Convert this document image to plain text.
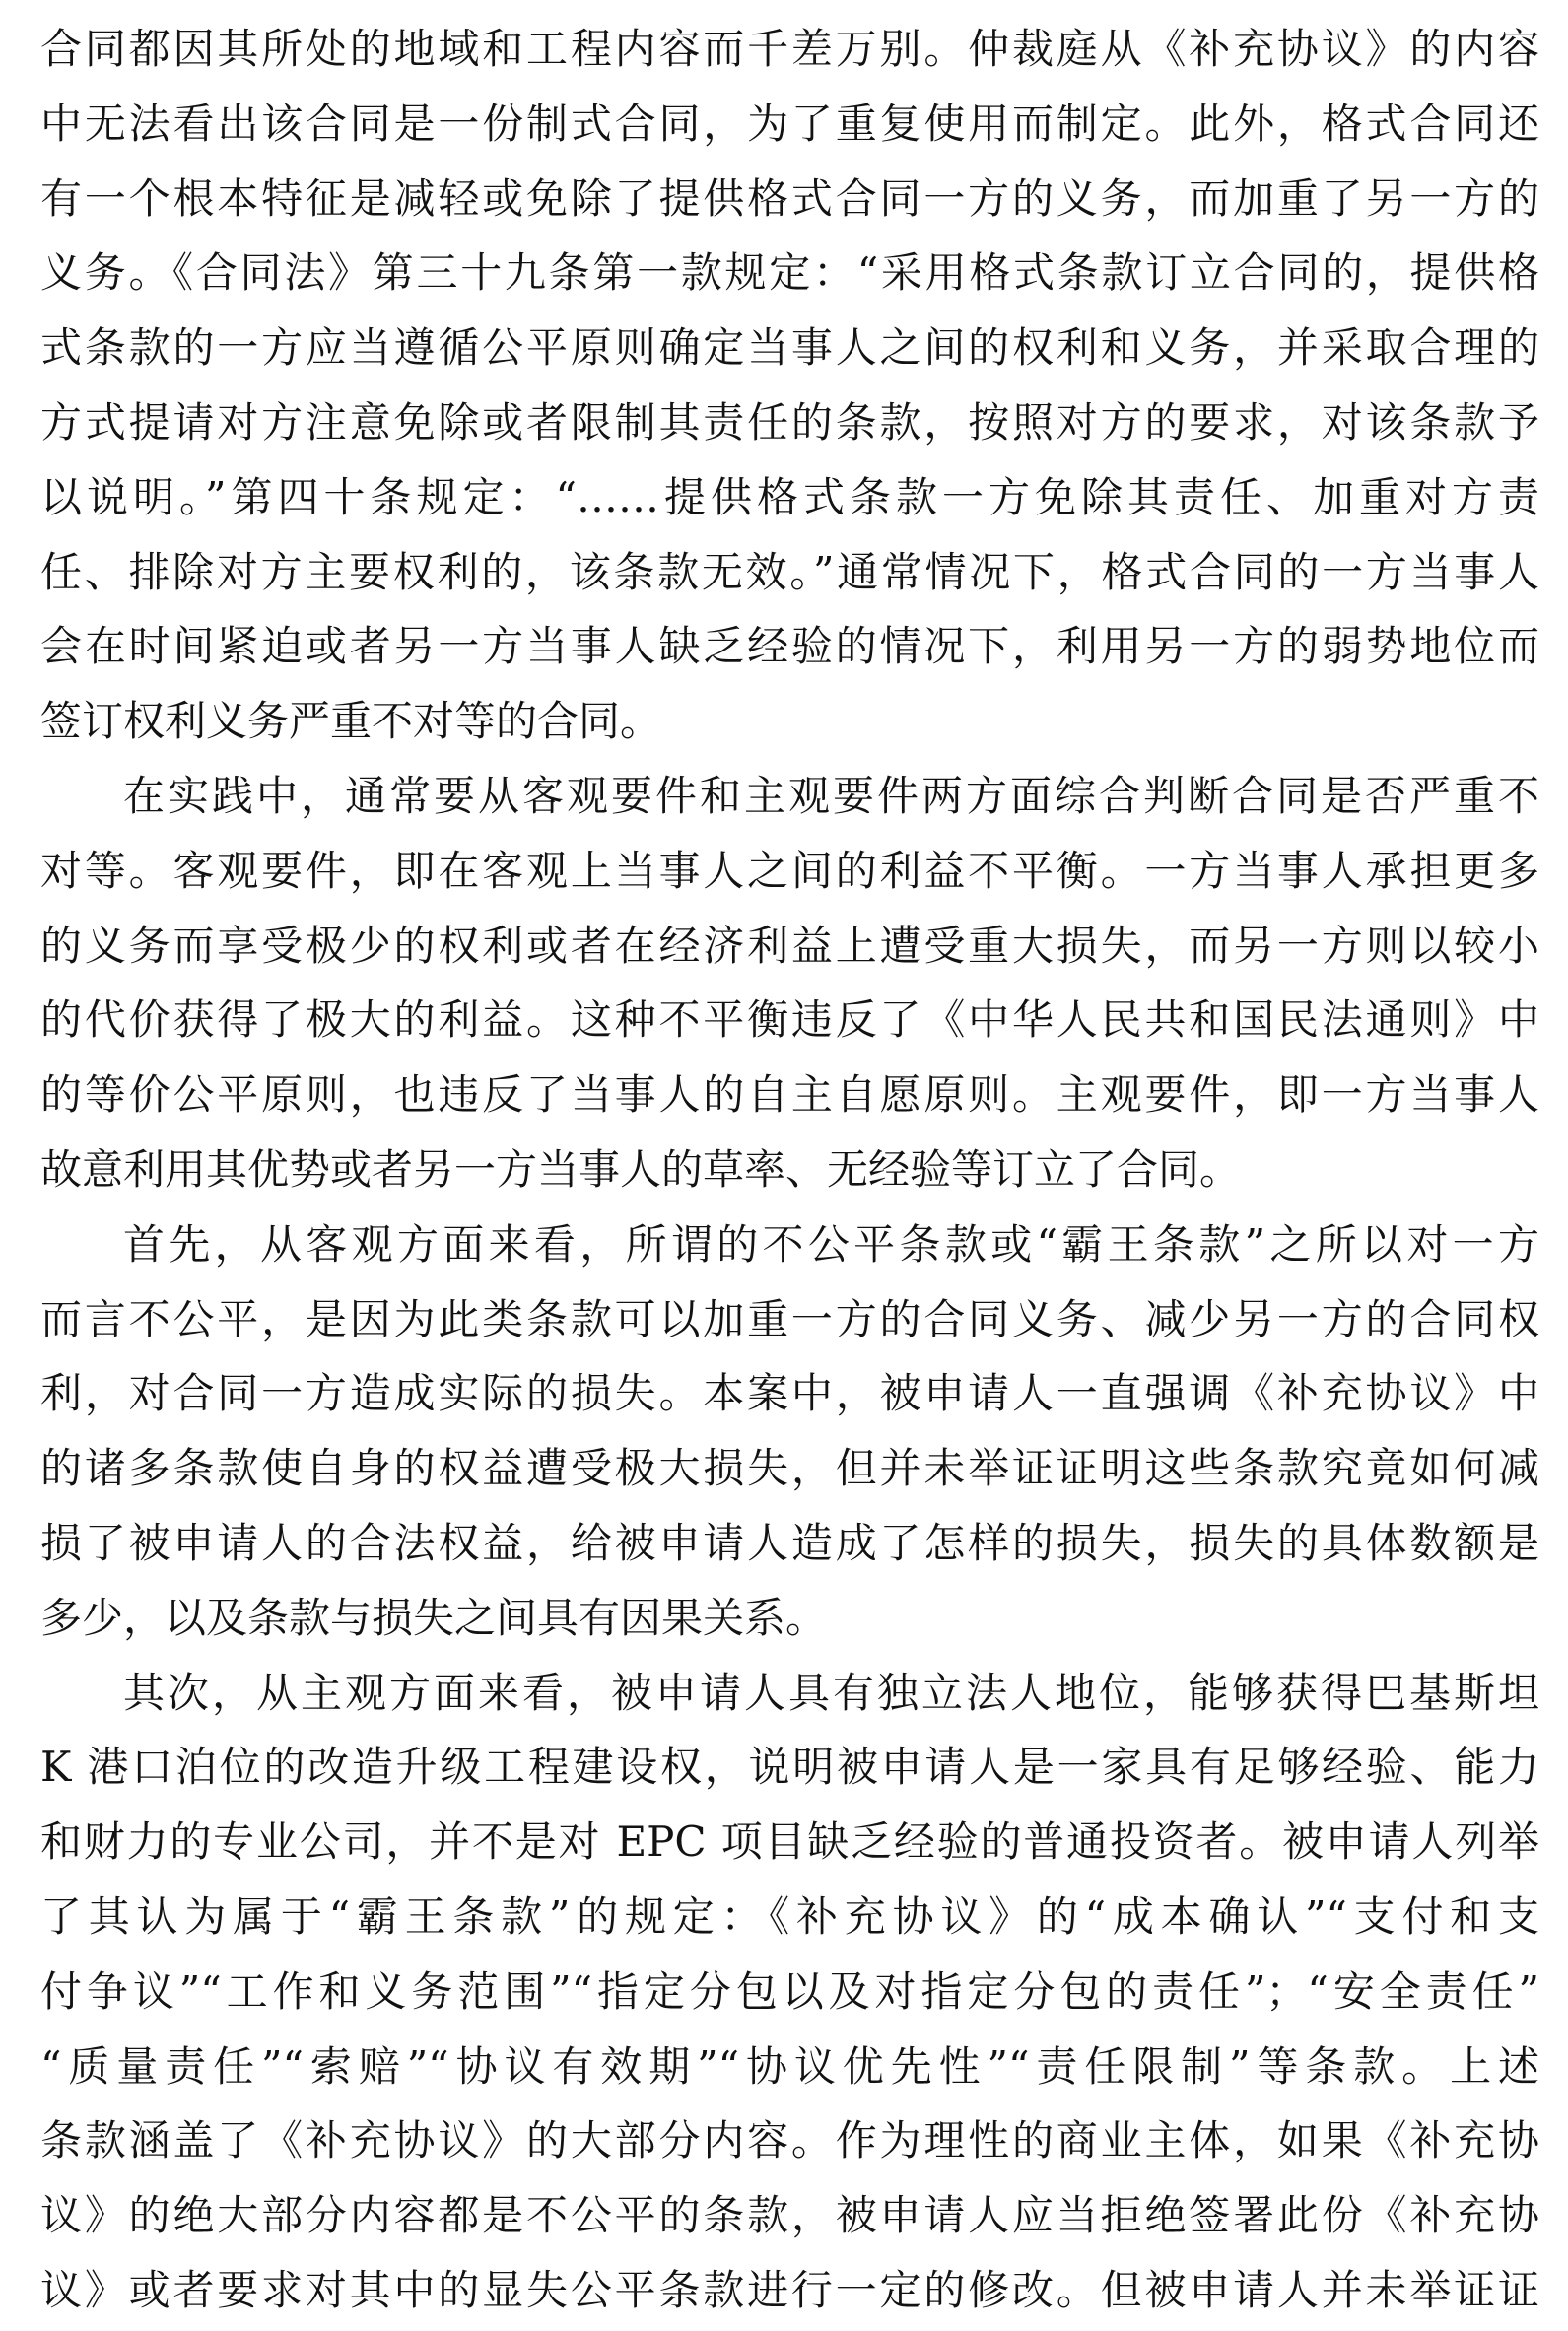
合同都因其所处的地域和工程内容而千差万别。仲裁庭从《补充协议》的内容
中无法看出该合同是一份制式合同，为了重复使用而制定。此外，格式合同还
有一个根本特征是减轻或免除了提供格式合同一方的义务，而加重了另一方的
义务。《合同法》第三十九条第一款规定：“采用格式条款订立合同的，提供格
式条款的一方应当遵循公平原则确定当事人之间的权利和义务，并采取合理的
方式提请对方注意免除或者限制其责任的条款，按照对方的要求，对该条款予
以说明。”第四十条规定：“……提供格式条款一方免除其责任、加重对方责
任、排除对方主要权利的，该条款无效。”通常情况下，格式合同的一方当事人
会在时间紧迫或者另一方当事人缺乏经验的情况下，利用另一方的弱势地位而
签订权利义务严重不对等的合同。
在实践中，通常要从客观要件和主观要件两方面综合判断合同是否严重不
对等。客观要件，即在客观上当事人之间的利益不平衡。一方当事人承担更多
的义务而享受极少的权利或者在经济利益上遭受重大损失，而另一方则以较小
的代价获得了极大的利益。这种不平衡违反了《中华人民共和国民法通则》中
的等价公平原则，也违反了当事人的自主自愿原则。主观要件，即一方当事人
故意利用其优势或者另一方当事人的草率、无经验等订立了合同。
首先，从客观方面来看，所谓的不公平条款或“霸王条款”之所以对一方
而言不公平，是因为此类条款可以加重一方的合同义务、减少另一方的合同权
利，对合同一方造成实际的损失。本案中，被申请人一直强调《补充协议》中
的诸多条款使自身的权益遭受极大损失，但并未举证证明这些条款究竟如何减
损了被申请人的合法权益，给被申请人造成了怎样的损失，损失的具体数额是
多少，以及条款与损失之间具有因果关系。
其次，从主观方面来看，被申请人具有独立法人地位，能够获得巴基斯坦
K 港口泊位的改造升级工程建设权，说明被申请人是一家具有足够经验、能力
和财力的专业公司，并不是对 EPC 项目缺乏经验的普通投资者。被申请人列举
了其认为属于“霸王条款”的规定：《补充协议》的“成本确认”“支付和支
付争议”“工作和义务范围”“指定分包以及对指定分包的责任”；“安全责任”
“质量责任”“索赔”“协议有效期”“协议优先性”“责任限制”等条款。上述
条款涵盖了《补充协议》的大部分内容。作为理性的商业主体，如果《补充协
议》的绝大部分内容都是不公平的条款，被申请人应当拒绝签署此份《补充协
议》或者要求对其中的显失公平条款进行一定的修改。但被申请人并未举证证
